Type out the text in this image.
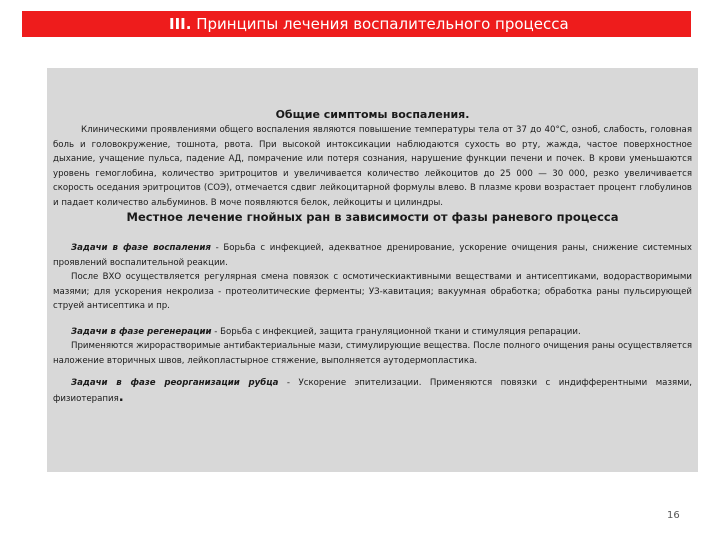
III. Принципы лечения воспалительного процесса
Общие симптомы воспаления.

Клиническими проявлениями общего воспаления являются повышение температуры тела от 37 до 40°С, озноб, слабость, головная боль и головокружение, тошнота, рвота. При высокой интоксикации наблюдаются сухость во рту, жажда, частое поверхностное дыхание, учащение пульса, падение АД, помрачение или потеря сознания, нарушение функции печени и почек. В крови уменьшаются уровень гемоглобина, количество эритроцитов и увеличивается количество лейкоцитов до 25 000 — 30 000, резко увеличивается скорость оседания эритроцитов (СОЭ), отмечается сдвиг лейкоцитарной формулы влево. В плазме крови возрастает процент глобулинов и падает количество альбуминов. В моче появляются белок, лейкоциты и цилиндры.

Местное лечение гнойных ран в зависимости от фазы раневого процесса

Задачи в фазе воспаления - Борьба с инфекцией, адекватное дренирование, ускорение очищения раны, снижение системных проявлений воспалительной реакции.

После ВХО осуществляется регулярная смена повязок с осмотическиактивными веществами и антисептиками, водорастворимыми мазями; для ускорения некролиза - протеолитические ферменты; УЗ-кавитация; вакуумная обработка; обработка раны пульсирующей струей антисептика и пр.

Задачи в фазе регенерации - Борьба с инфекцией, защита грануляционной ткани и стимуляция репарации.

Применяются жирорастворимые антибактериальные мази, стимулирующие вещества. После полного очищения раны осуществляется наложение вторичных швов, лейкопластырное стяжение, выполняется аутодермопластика.

Задачи в фазе реорганизации рубца - Ускорение эпителизации. Применяются повязки с индифферентными мазями, физиотерапия.

16
